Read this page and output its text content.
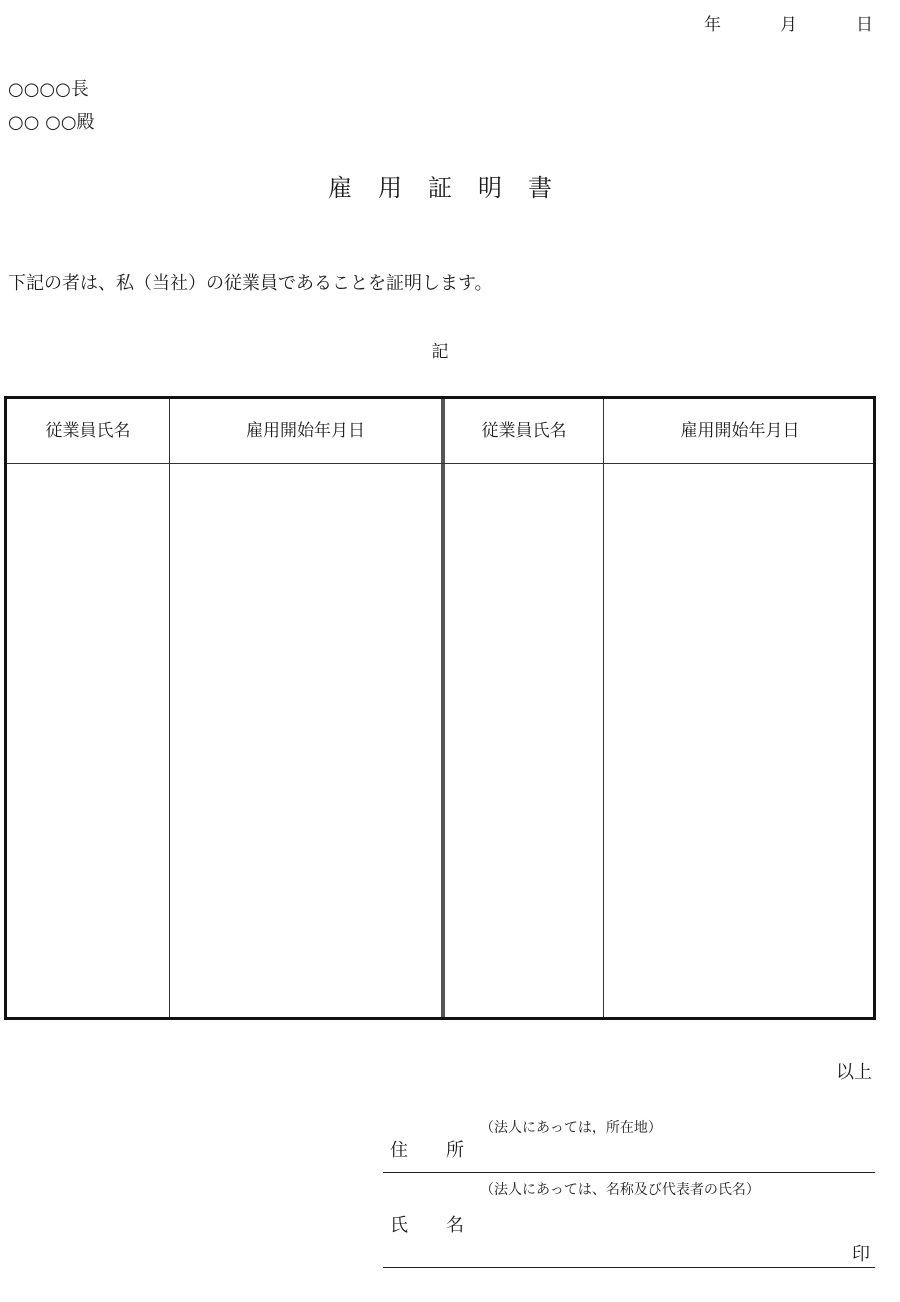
年	月	日
○○○○長
○○ ○○殿
雇用証明書
下記の者は、私（当社）の従業員であることを証明します。
記
従業員氏名	雇用開始年月日	従業員氏名	雇用開始年月日
以上
（法人にあっては，所在地）
住 所
（法人にあっては、名称及び代表者の氏名）
氏 名
印
